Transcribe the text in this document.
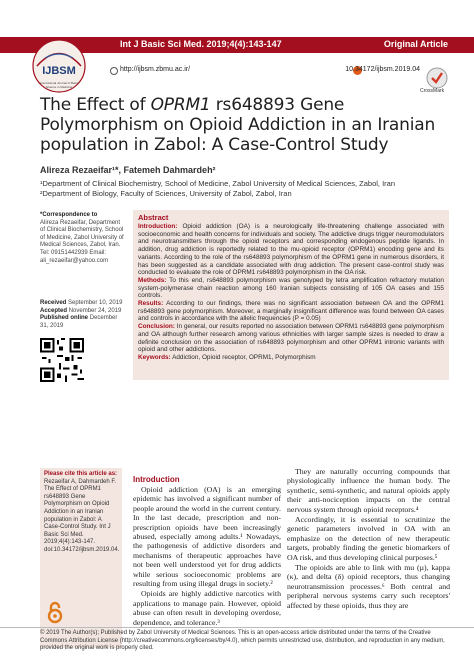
Int J Basic Sci Med. 2019;4(4):143-147	Original Article
IJBSM
International Journal of Basic
Science in Medicine
http://ijbsm.zbmu.ac.ir/	10.34172/ijbsm.2019.04
CrossMark
The Effect of OPRM1 rs648893 Gene Polymorphism on Opioid Addiction in an Iranian population in Zabol: A Case-Control Study
Alireza Rezaeifar¹*, Fatemeh Dahmardeh²
¹Department of Clinical Biochemistry, School of Medicine, Zabol University of Medical Sciences, Zabol, Iran
²Department of Biology, Faculty of Sciences, University of Zabol, Zabol, Iran
*Correspondence to
Alireza Rezaeifar, Department of Clinical Biochemistry, School of Medicine, Zabol University of Medical Sciences, Zabol, Iran. Tel: 09151442939 Email: ali_rezaeifar@yahoo.com
Received September 10, 2019
Accepted November 24, 2019
Published online December 31, 2019
Abstract

Introduction: Opioid addiction (OA) is a neurologically life-threatening challenge associated with socioeconomic and health concerns for individuals and society. The addictive drugs trigger neuromodulators and neurotransmitters through the opioid receptors and corresponding endogenous peptide ligands. In addition, drug addiction is reportedly related to the mu-opioid receptor (OPRM1) encoding gene and its variants. According to the role of the rs648893 polymorphism of the OPRM1 gene in numerous disorders, it has been suggested as a candidate associated with drug addiction. The present case-control study was conducted to evaluate the role of OPRM1 rs648893 polymorphism in the OA risk.

Methods: To this end, rs648893 polymorphism was genotyped by tetra amplification refractory mutation system-polymerase chain reaction among 160 Iranian subjects consisting of 105 OA cases and 155 controls.

Results: According to our findings, there was no significant association between OA and the OPRM1 rs648893 gene polymorphism. Moreover, a marginally insignificant difference was found between OA cases and controls in accordance with the allelic frequencies (P = 0.05)

Conclusion: In general, our results reported no association between OPRM1 rs648893 gene polymorphism and OA although further research among various ethnicities with larger sample sizes is needed to draw a definite conclusion on the association of rs648893 polymorphism and other OPRM1 intronic variants with opioid and other addictions.

Keywords: Addiction, Opioid receptor, OPRM1, Polymorphism

Please cite this article as:
Rezaeifar A, Dahmardeh F. The Effect of OPRM1 rs648893 Gene Polymorphism on Opioid Addiction in an Iranian population in Zabol: A Case-Control Study. Int J Basic Sci Med. 2019;4(4):143-147. doi:10.34172/ijbsm.2019.04.
Introduction

Opioid addiction (OA) is an emerging epidemic has involved a significant number of people around the world in the current century. In the last decade, prescription and non-prescription opioids have been increasingly abused, especially among adults.¹ Nowadays, the pathogenesis of addictive disorders and mechanisms of therapeutic approaches have not been well understood yet for drug addicts while serious socioeconomic problems are resulting from using illegal drugs in society.²

Opioids are highly addictive narcotics with applications to manage pain. However, opioid abuse can often result in developing overdose, dependence, and tolerance.³

They are naturally occurring compounds that physiologically influence the human body. The synthetic, semi-synthetic, and natural opioids apply their anti-nociception impacts on the central nervous system through opioid receptors.⁴

Accordingly, it is essential to scrutinize the genetic parameters involved in OA with an emphasize on the detection of new therapeutic targets, probably finding the genetic biomarkers of OA risk, and thus developing clinical purposes.⁵

The opioids are able to link with mu (µ), kappa (κ), and delta (δ) opioid receptors, thus changing neurotransmission processes.⁶ Both central and peripheral nervous systems carry such receptors' affected by these opioids, thus they are

© 2019 The Author(s); Published by Zabol University of Medical Sciences. This is an open-access article distributed under the terms of the Creative Commons Attribution License (http://creativecommons.org/licenses/by/4.0), which permits unrestricted use, distribution, and reproduction in any medium, provided the original work is properly cited.
